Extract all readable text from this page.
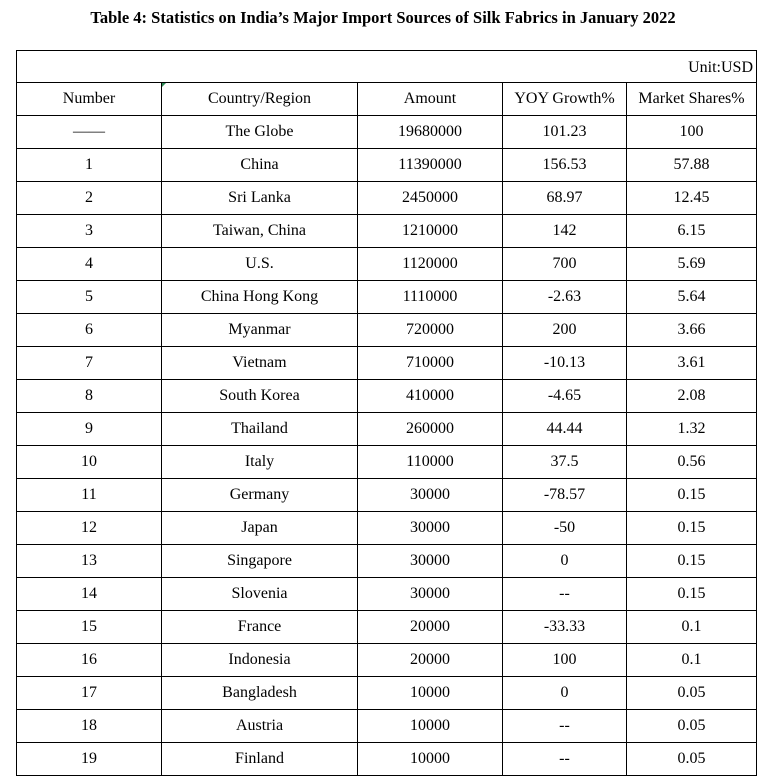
Table 4: Statistics on India’s Major Import Sources of Silk Fabrics in January 2022
Unit:USD				
Number	Country/Region	Amount	YOY Growth%	Market Shares%
——	The Globe	19680000	101.23	100
1	China	11390000	156.53	57.88
2	Sri Lanka	2450000	68.97	12.45
3	Taiwan, China	1210000	142	6.15
4	U.S.	1120000	700	5.69
5	China Hong Kong	1110000	-2.63	5.64
6	Myanmar	720000	200	3.66
7	Vietnam	710000	-10.13	3.61
8	South Korea	410000	-4.65	2.08
9	Thailand	260000	44.44	1.32
10	Italy	110000	37.5	0.56
11	Germany	30000	-78.57	0.15
12	Japan	30000	-50	0.15
13	Singapore	30000	0	0.15
14	Slovenia	30000	--	0.15
15	France	20000	-33.33	0.1
16	Indonesia	20000	100	0.1
17	Bangladesh	10000	0	0.05
18	Austria	10000	--	0.05
19	Finland	10000	--	0.05
